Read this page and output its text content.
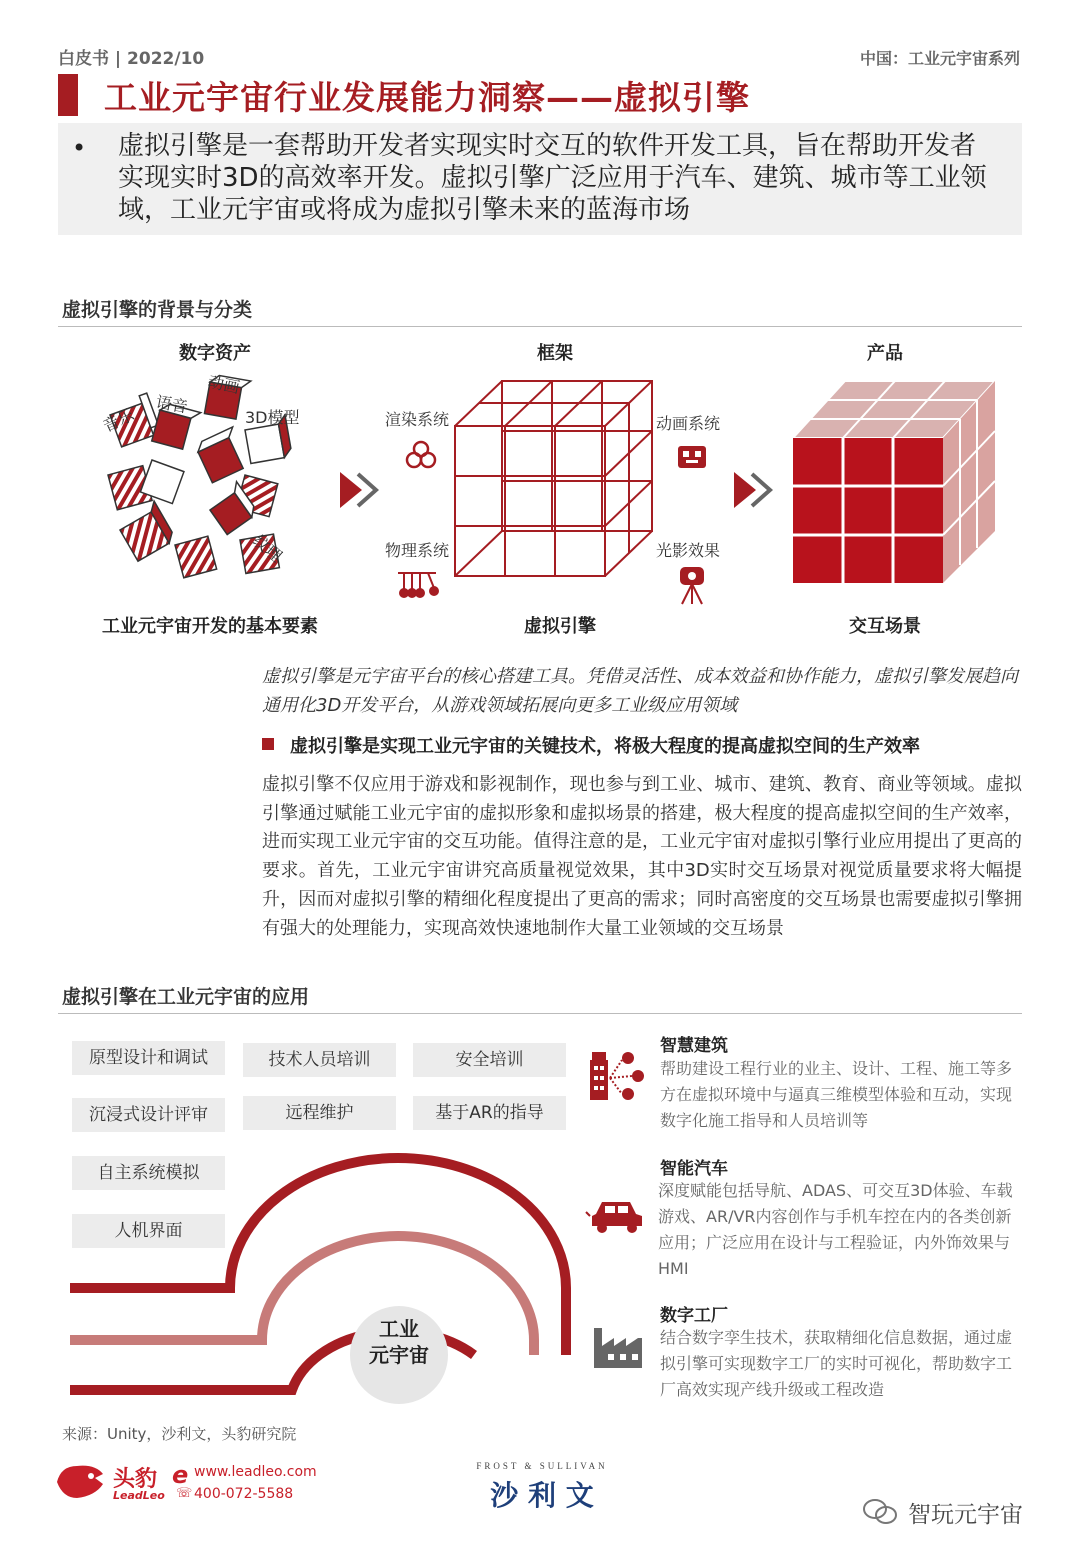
白皮书 | 2022/10	中国：工业元宇宙系列
工业元宇宙行业发展能力洞察——虚拟引擎
• 虚拟引擎是一套帮助开发者实现实时交互的软件开发工具，旨在帮助开发者实现实时3D的高效率开发。虚拟引擎广泛应用于汽车、建筑、城市等工业领域，工业元宇宙或将成为虚拟引擎未来的蓝海市场
虚拟引擎的背景与分类
数字资产	框架	产品
音乐
语音
动画
3D模型
纹理
工业元宇宙开发的基本要素
渲染系统	动画系统
物理系统	光影效果
虚拟引擎	交互场景
虚拟引擎是元宇宙平台的核心搭建工具。凭借灵活性、成本效益和协作能力，虚拟引擎发展趋向通用化3D开发平台，从游戏领域拓展向更多工业级应用领域
虚拟引擎是实现工业元宇宙的关键技术，将极大程度的提高虚拟空间的生产效率
虚拟引擎不仅应用于游戏和影视制作，现也参与到工业、城市、建筑、教育、商业等领域。虚拟引擎通过赋能工业元宇宙的虚拟形象和虚拟场景的搭建，极大程度的提高虚拟空间的生产效率，进而实现工业元宇宙的交互功能。值得注意的是，工业元宇宙对虚拟引擎行业应用提出了更高的要求。首先，工业元宇宙讲究高质量视觉效果，其中3D实时交互场景对视觉质量要求将大幅提升，因而对虚拟引擎的精细化程度提出了更高的需求；同时高密度的交互场景也需要虚拟引擎拥有强大的处理能力，实现高效快速地制作大量工业领域的交互场景
虚拟引擎在工业元宇宙的应用
工业
元宇宙
原型设计和调试	技术人员培训	安全培训
沉浸式设计评审	远程维护	基于AR的指导
自主系统模拟
人机界面
智慧建筑
帮助建设工程行业的业主、设计、工程、施工等多方在虚拟环境中与逼真三维模型体验和互动，实现数字化施工指导和人员培训等
智能汽车
深度赋能包括导航、ADAS、可交互3D体验、车载游戏、AR/VR内容创作与手机车控在内的各类创新应用；广泛应用在设计与工程验证，内外饰效果与HMI
数字工厂
结合数字孪生技术，获取精细化信息数据，通过虚拟引擎可实现数字工厂的实时可视化，帮助数字工厂高效实现产线升级或工程改造
来源：Unity，沙利文，头豹研究院
头豹
LeadLeo
e www.leadleo.com
☏ 400-072-5588
FROST & SULLIVAN
沙 利 文
智玩元宇宙
